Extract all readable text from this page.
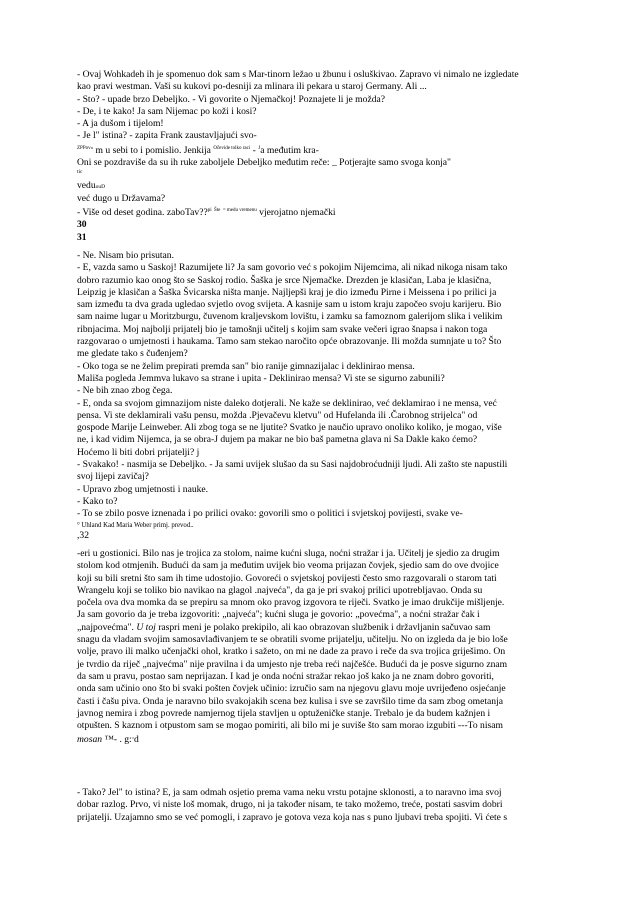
- Ovaj Wohkadeh ih je spomenuo dok sam s Mar-tinorn ležao u žbunu i osluškivao. Zapravo vi nimalo ne izgledate

kao pravi westman. Vaši su kukovi po-desniji za mlinara ili pekara u staroj Germany. Ali ...

- Sto? - upade brzo Debeljko. - Vi govorite o Njemačkoj! Poznajete li je možda?

- De, i te kako! Ja sam Nijemac po koži i kosi?

- A ja dušom i tijelom!

- Je l" istina? - zapita Frank zaustavljajući svo-

$^{ZPPov»}$ m u sebi to i pomislio. Jenkija $^{Očevide tolko raci}$ - $^J$a međutim kra-

Oni se pozdraviše da su ih ruke zaboljele Debeljko međutim reče: _ Potjerajte samo svoga konja"

tic

veduouD

već dugo u Državama?

- Više od deset godina. zaboTav??$^{pi}$ $^{Šte}$ $^{= medu vremenu}$ vjerojatno njemački

30

31

- Ne. Nisam bio prisutan.

- E, vazda samo u Saskoj! Razumijete li? Ja sam govorio već s pokojim Nijemcima, ali nikad nikoga nisam tako

dobro razumio kao onog što se Saskoj rodio. Šaška je srce Njemačke. Drezden je klasičan, Laba je klasična,

Leipzig je klasičan a Šaška Švicarska ništa manje. Najljepši kraj je dio između Pirne i Meissena i po prilici ja

sam između ta dva grada ugledao svjetlo ovog svijeta. A kasnije sam u istom kraju započeo svoju karijeru. Bio

sam naime lugar u Moritzburgu, čuvenom kraljevskom lovištu, i zamku sa famoznom galerijom slika i velikim

ribnjacima. Moj najbolji prijatelj bio je tamošnji učitelj s kojim sam svake večeri igrao šnapsa i nakon toga

razgovarao o umjetnosti i haukama. Tamo sam stekao naročito opće obrazovanje. Ili možda sumnjate u to? Što

me gledate tako s čuđenjem?

- Oko toga se ne želim prepirati premda san" bio ranije gimnazijalac i deklinirao mensa.

Mališa pogleda Jemmva lukavo sa strane i upita - Deklinirao mensa? Vi ste se sigurno zabunili?

- Ne bih znao zbog čega.

- E, onda sa svojom gimnazijom niste daleko dotjerali. Ne kaže se deklinirao, već deklamirao i ne mensa, već

pensa. Vi ste deklamirali vašu pensu, možda .Pjevačevu kletvu" od Hufelanda ili .Čarobnog strijelca" od

gospode Marije Leinweber. Ali zbog toga se ne ljutite? Svatko je naučio upravo onoliko koliko, je mogao, više

ne, i kad vidim Nijemca, ja se obra-J dujem pa makar ne bio baš pametna glava ni Sa Dakle kako ćemo?

Hoćemo li biti dobri prijatelji? j

- Svakako! - nasmija se Debeljko. - Ja sami uvijek slušao da su Sasi najdobroćudniji ljudi. Ali zašto ste napustili

svoj lijepi zavičaj?

- Upravo zbog umjetnosti i nauke.

- Kako to?

- To se zbilo posve iznenada i po prilici ovako: govorili smo o politici i svjetskoj povijesti, svake ve-

° Uhland Kad Maria Weber primj. prevod..

,32

-eri u gostionici. Bilo nas je trojica za stolom, naime kućni sluga, noćni stražar i ja. Učitelj je sjedio za drugim

stolom kod otmjenih. Budući da sam ja međutim uvijek bio veoma prijazan čovjek, sjedio sam do ove dvojice

koji su bili sretni što sam ih time udostojio. Govoreći o svjetskoj povijesti često smo razgovarali o starom tati

Wrangelu koji se toliko bio navikao na glagol .najveća", da ga je pri svakoj prilici upotrebljavao. Onda su

počela ova dva momka da se prepiru sa mnom oko pravog izgovora te riječi. Svatko je imao drukčije mišljenje.

Ja sam govorio da je treba izgovoriti: „najveća"; kućni sluga je govorio: „povećma", a noćni stražar čak i

„najpovećma". U toj raspri meni je polako prekipilo, ali kao obrazovan službenik i državljanin sačuvao sam

snagu da vladam svojim samosavlađivanjem te se obratili svome prijatelju, učitelju. No on izgleda da je bio loše

volje, pravo ili malko učenjački ohol, kratko i sažeto, on mi ne dade za pravo i reče da sva trojica griješimo. On

je tvrdio da riječ „najvećma" nije pravilna i da umjesto nje treba reći najčešće. Budući da je posve sigurno znam

da sam u pravu, postao sam neprijazan. I kad je onda noćni stražar rekao još kako ja ne znam dobro govoriti,

onda sam učinio ono što bi svaki pošten čovjek učinio: izručio sam na njegovu glavu moje uvrijeđeno osjećanje

časti i čašu piva. Onda je naravno bilo svakojakih scena bez kulisa i sve se završilo time da sam zbog ometanja

javnog nemira i zbog povrede namjernog tijela stavljen u optuženičke stanje. Trebalo je da budem kažnjen i

otpušten. S kaznom i otpustom sam se mogao pomiriti, ali bilo mi je suviše što sam morao izgubiti ---To nisam

mosan ™- . g:„d

- Tako? Jel" to istina? E, ja sam odmah osjetio prema vama neku vrstu potajne sklonosti, a to naravno ima svoj

dobar razlog. Prvo, vi niste loš momak, drugo, ni ja također nisam, te tako možemo, treće, postati sasvim dobri

prijatelji. Uzajamno smo se već pomogli, i zapravo je gotova veza koja nas s puno ljubavi treba spojiti. Vi ćete s
